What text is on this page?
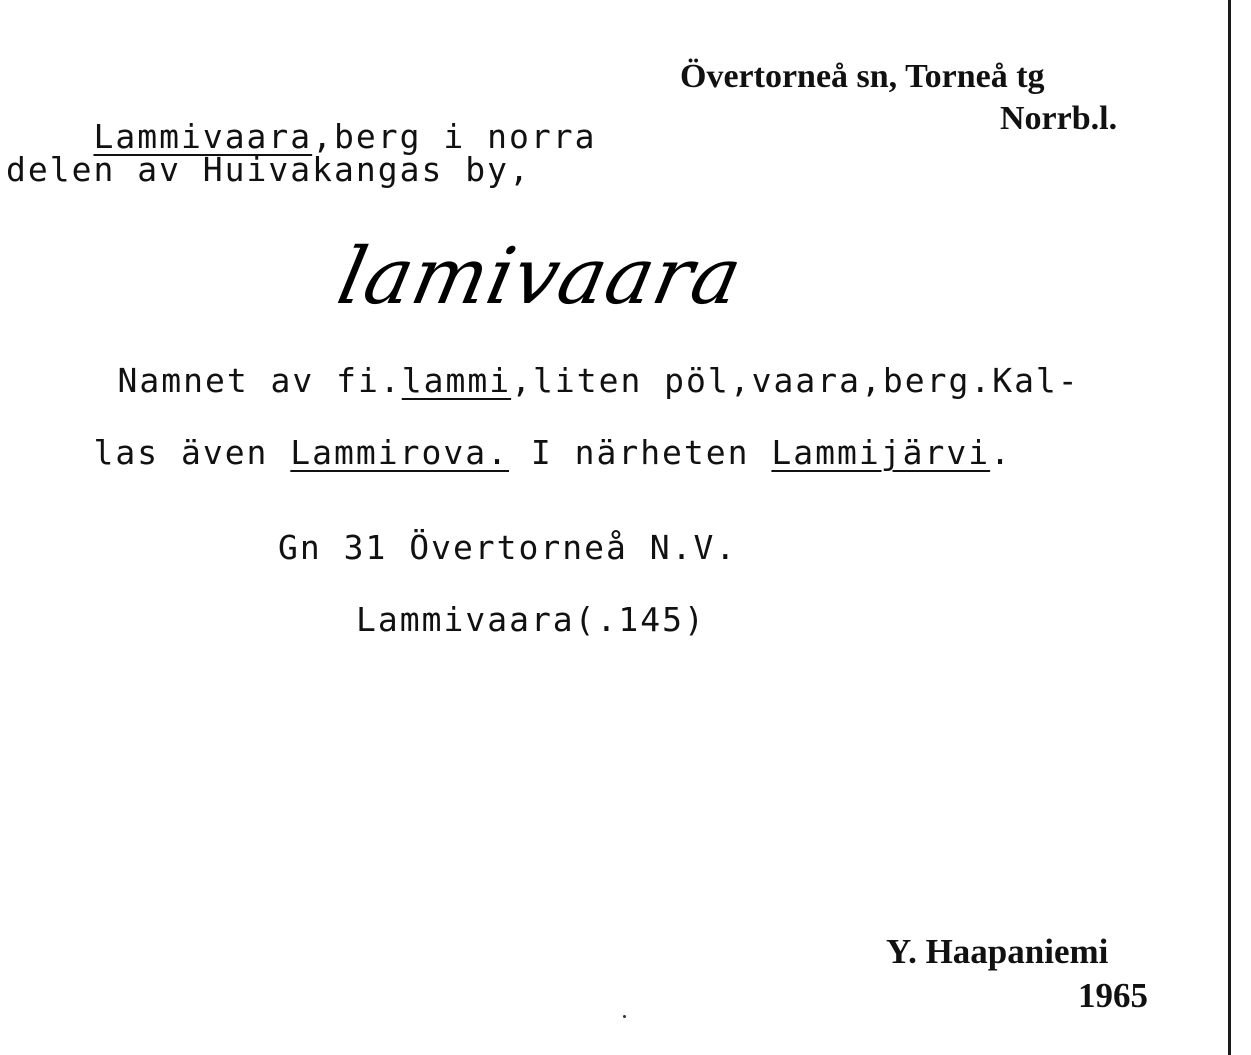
Övertorneå sn, Torneå tg
Norrb.l.

Lammivaara,berg i norra

delen av Huivakangas by,
lamivaara

Namnet av fi.lammi,liten pöl,vaara,berg.Kal-

las även Lammirova. I närheten Lammijärvi.

Gn 31 Övertorneå N.V.
Lammivaara(.145)
Y. Haapaniemi
1965
